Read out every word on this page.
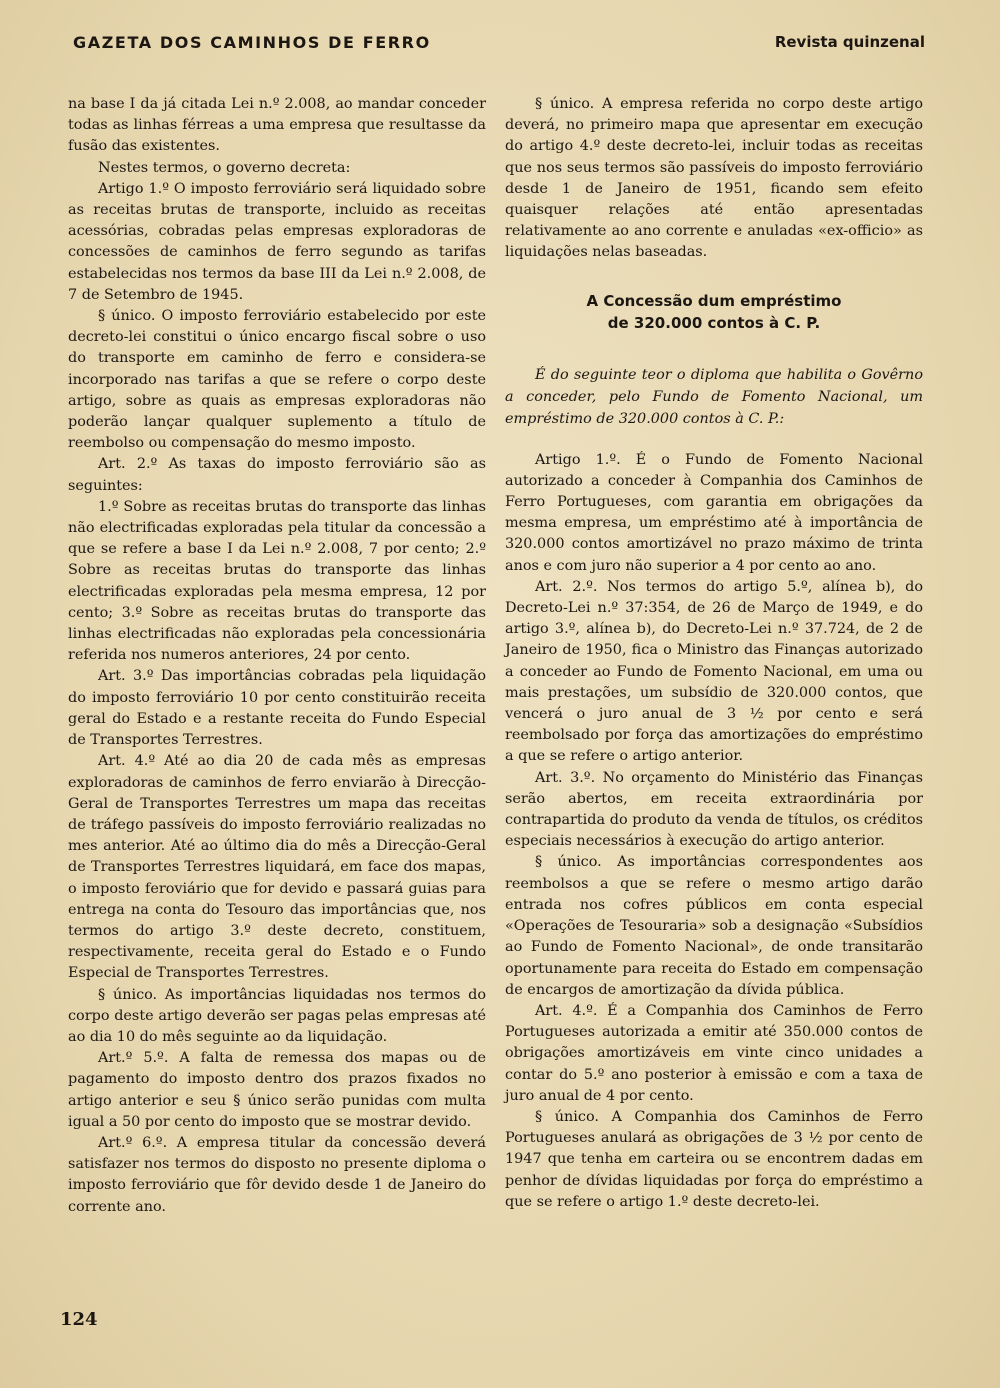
GAZETA DOS CAMINHOS DE FERRO	Revista quinzenal

na base I da já citada Lei n.º 2.008, ao mandar conceder todas as linhas férreas a uma empresa que resultasse da fusão das existentes.

Nestes termos, o governo decreta:

Artigo 1.º O imposto ferroviário será liquidado sobre as receitas brutas de transporte, incluido as receitas acessórias, cobradas pelas empresas exploradoras de concessões de caminhos de ferro segundo as tarifas estabelecidas nos termos da base III da Lei n.º 2.008, de 7 de Setembro de 1945.

§ único. O imposto ferroviário estabelecido por este decreto-lei constitui o único encargo fiscal sobre o uso do transporte em caminho de ferro e considera-se incorporado nas tarifas a que se refere o corpo deste artigo, sobre as quais as empresas exploradoras não poderão lançar qualquer suplemento a título de reembolso ou compensação do mesmo imposto.

Art. 2.º As taxas do imposto ferroviário são as seguintes:

1.º Sobre as receitas brutas do transporte das linhas não electrificadas exploradas pela titular da concessão a que se refere a base I da Lei n.º 2.008, 7 por cento; 2.º Sobre as receitas brutas do transporte das linhas electrificadas exploradas pela mesma empresa, 12 por cento; 3.º Sobre as receitas brutas do transporte das linhas electrificadas não exploradas pela concessionária referida nos numeros anteriores, 24 por cento.

Art. 3.º Das importâncias cobradas pela liquidação do imposto ferroviário 10 por cento constituirão receita geral do Estado e a restante receita do Fundo Especial de Transportes Terrestres.

Art. 4.º Até ao dia 20 de cada mês as empresas exploradoras de caminhos de ferro enviarão à Direcção-Geral de Transportes Terrestres um mapa das receitas de tráfego passíveis do imposto ferroviário realizadas no mes anterior. Até ao último dia do mês a Direcção-Geral de Transportes Terrestres liquidará, em face dos mapas, o imposto feroviário que for devido e passará guias para entrega na conta do Tesouro das importâncias que, nos termos do artigo 3.º deste decreto, constituem, respectivamente, receita geral do Estado e o Fundo Especial de Transportes Terrestres.

§ único. As importâncias liquidadas nos termos do corpo deste artigo deverão ser pagas pelas empresas até ao dia 10 do mês seguinte ao da liquidação.

Art.º 5.º. A falta de remessa dos mapas ou de pagamento do imposto dentro dos prazos fixados no artigo anterior e seu § único serão punidas com multa igual a 50 por cento do imposto que se mostrar devido.

Art.º 6.º. A empresa titular da concessão deverá satisfazer nos termos do disposto no presente diploma o imposto ferroviário que fôr devido desde 1 de Janeiro do corrente ano.

§ único. A empresa referida no corpo deste artigo deverá, no primeiro mapa que apresentar em execução do artigo 4.º deste decreto-lei, incluir todas as receitas que nos seus termos são passíveis do imposto ferroviário desde 1 de Janeiro de 1951, ficando sem efeito quaisquer relações até então apresentadas relativamente ao ano corrente e anuladas «ex-officio» as liquidações nelas baseadas.

A Concessão dum empréstimo
de 320.000 contos à C. P.

É do seguinte teor o diploma que habilita o Govêrno a conceder, pelo Fundo de Fomento Nacional, um empréstimo de 320.000 contos à C. P.:

Artigo 1.º. É o Fundo de Fomento Nacional autorizado a conceder à Companhia dos Caminhos de Ferro Portugueses, com garantia em obrigações da mesma empresa, um empréstimo até à importância de 320.000 contos amortizável no prazo máximo de trinta anos e com juro não superior a 4 por cento ao ano.

Art. 2.º. Nos termos do artigo 5.º, alínea b), do Decreto-Lei n.º 37:354, de 26 de Março de 1949, e do artigo 3.º, alínea b), do Decreto-Lei n.º 37.724, de 2 de Janeiro de 1950, fica o Ministro das Finanças autorizado a conceder ao Fundo de Fomento Nacional, em uma ou mais prestações, um subsídio de 320.000 contos, que vencerá o juro anual de 3 ½ por cento e será reembolsado por força das amortizações do empréstimo a que se refere o artigo anterior.

Art. 3.º. No orçamento do Ministério das Finanças serão abertos, em receita extraordinária por contrapartida do produto da venda de títulos, os créditos especiais necessários à execução do artigo anterior.

§ único. As importâncias correspondentes aos reembolsos a que se refere o mesmo artigo darão entrada nos cofres públicos em conta especial «Operações de Tesouraria» sob a designação «Subsídios ao Fundo de Fomento Nacional», de onde transitarão oportunamente para receita do Estado em compensação de encargos de amortização da dívida pública.

Art. 4.º. É a Companhia dos Caminhos de Ferro Portugueses autorizada a emitir até 350.000 contos de obrigações amortizáveis em vinte cinco unidades a contar do 5.º ano posterior à emissão e com a taxa de juro anual de 4 por cento.

§ único. A Companhia dos Caminhos de Ferro Portugueses anulará as obrigações de 3 ½ por cento de 1947 que tenha em carteira ou se encontrem dadas em penhor de dívidas liquidadas por força do empréstimo a que se refere o artigo 1.º deste decreto-lei.

124
